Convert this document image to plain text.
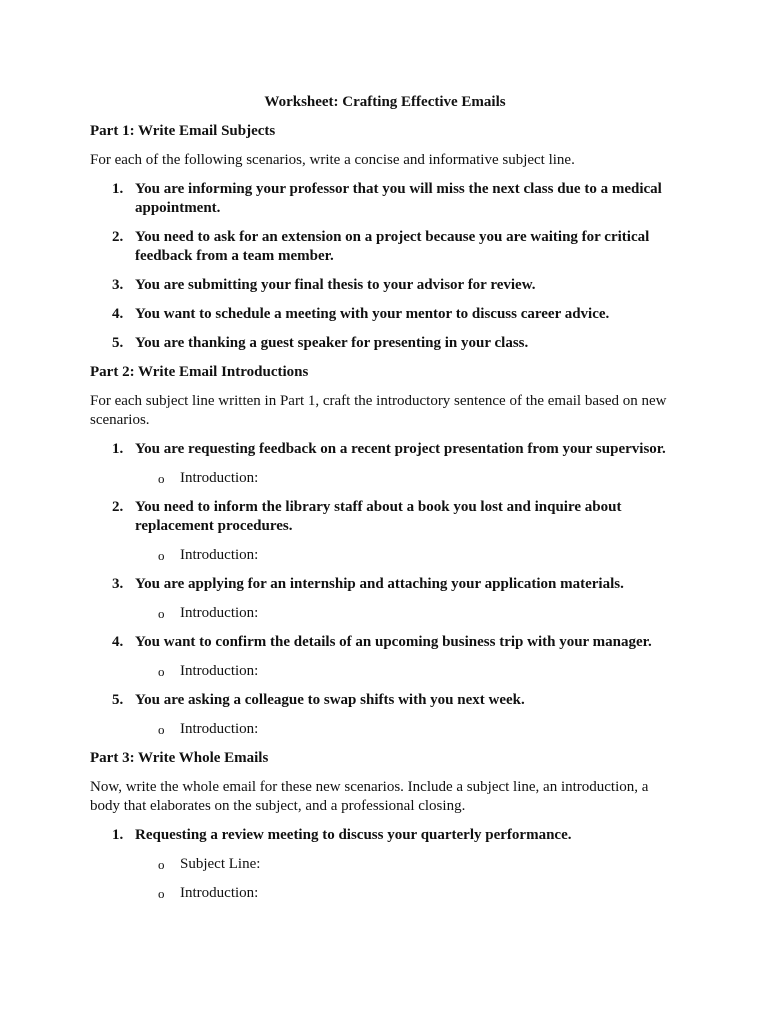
Worksheet: Crafting Effective Emails
Part 1: Write Email Subjects
For each of the following scenarios, write a concise and informative subject line.
1. You are informing your professor that you will miss the next class due to a medical appointment.
2. You need to ask for an extension on a project because you are waiting for critical feedback from a team member.
3. You are submitting your final thesis to your advisor for review.
4. You want to schedule a meeting with your mentor to discuss career advice.
5. You are thanking a guest speaker for presenting in your class.
Part 2: Write Email Introductions
For each subject line written in Part 1, craft the introductory sentence of the email based on new scenarios.
1. You are requesting feedback on a recent project presentation from your supervisor.
o Introduction:
2. You need to inform the library staff about a book you lost and inquire about replacement procedures.
o Introduction:
3. You are applying for an internship and attaching your application materials.
o Introduction:
4. You want to confirm the details of an upcoming business trip with your manager.
o Introduction:
5. You are asking a colleague to swap shifts with you next week.
o Introduction:
Part 3: Write Whole Emails
Now, write the whole email for these new scenarios. Include a subject line, an introduction, a body that elaborates on the subject, and a professional closing.
1. Requesting a review meeting to discuss your quarterly performance.
o Subject Line:
o Introduction:
